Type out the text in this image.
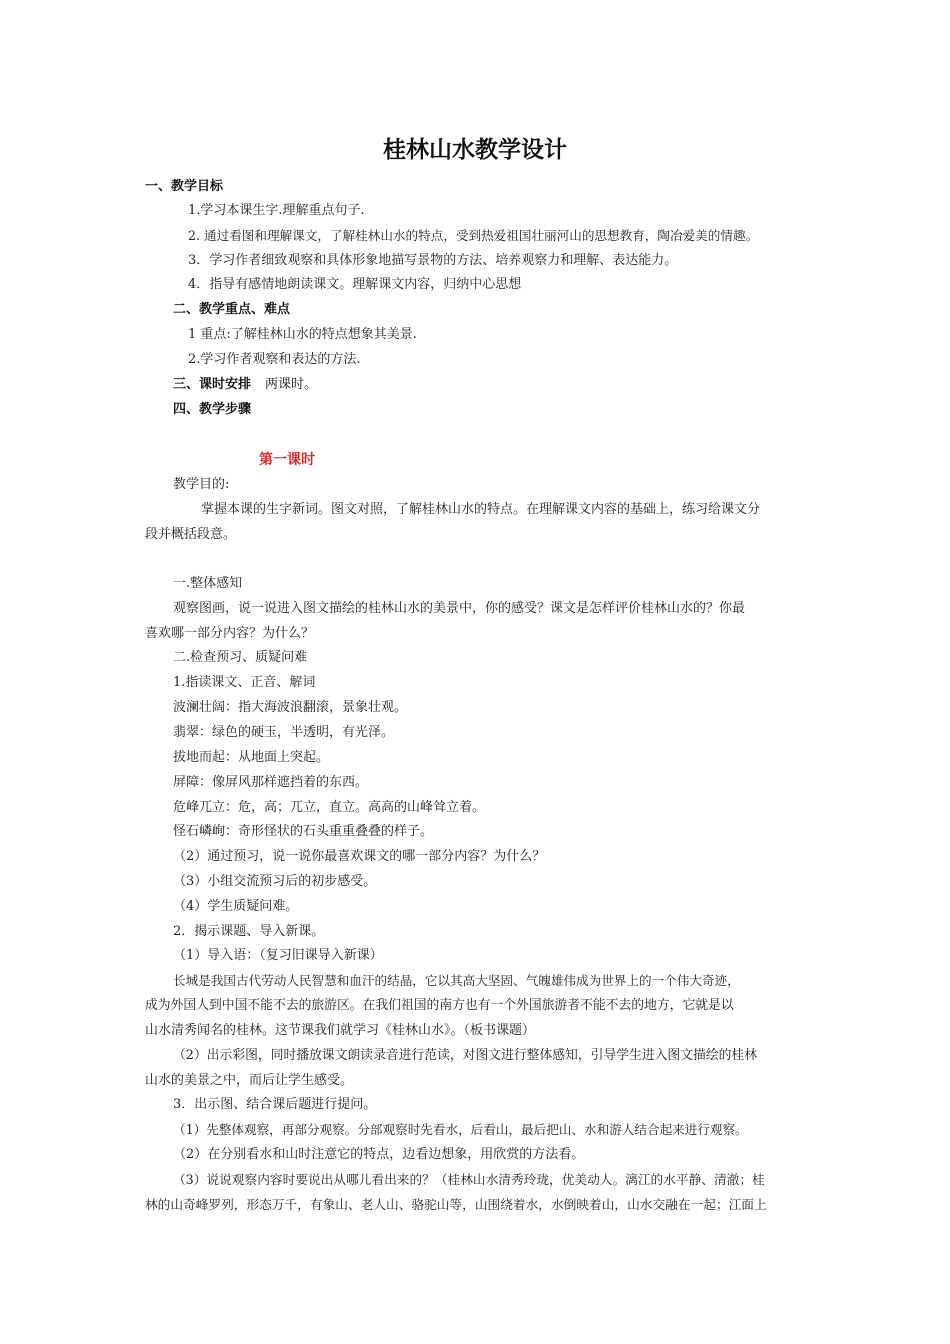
桂林山水教学设计
一、教学目标
1.学习本课生字.理解重点句子.
2. 通过看图和理解课文，了解桂林山水的特点，受到热爱祖国壮丽河山的思想教育，陶冶爱美的情趣。
3．学习作者细致观察和具体形象地描写景物的方法、培养观察力和理解、表达能力。
4．指导有感情地朗读课文。理解课文内容，归纳中心思想
二、教学重点、难点
1 重点:了解桂林山水的特点想象其美景.
2.学习作者观察和表达的方法.
三、课时安排 两课时。
四、教学步骤
第一课时
教学目的:
掌握本课的生字新词。图文对照，了解桂林山水的特点。在理解课文内容的基础上，练习给课文分
段并概括段意。
一.整体感知
观察图画，说一说进入图文描绘的桂林山水的美景中，你的感受？课文是怎样评价桂林山水的？你最
喜欢哪一部分内容？为什么？
二.检查预习、质疑问难
1.指读课文、正音、解词
波澜壮阔：指大海波浪翻滚，景象壮观。
翡翠：绿色的硬玉，半透明，有光泽。
拔地而起：从地面上突起。
屏障：像屏风那样遮挡着的东西。
危峰兀立：危，高；兀立，直立。高高的山峰耸立着。
怪石嶙峋：奇形怪状的石头重重叠叠的样子。
（2）通过预习，说一说你最喜欢课文的哪一部分内容？为什么？
（3）小组交流预习后的初步感受。
（4）学生质疑问难。
2．揭示课题、导入新课。
（1）导入语：（复习旧课导入新课）
长城是我国古代劳动人民智慧和血汗的结晶，它以其高大坚固、气魄雄伟成为世界上的一个伟大奇迹，
成为外国人到中国不能不去的旅游区。在我们祖国的南方也有一个外国旅游者不能不去的地方，它就是以
山水清秀闻名的桂林。这节课我们就学习《桂林山水》。（板书课题）
（2）出示彩图，同时播放课文朗读录音进行范读，对图文进行整体感知，引导学生进入图文描绘的桂林
山水的美景之中，而后让学生感受。
3．出示图、结合课后题进行提问。
（1）先整体观察，再部分观察。分部观察时先看水，后看山，最后把山、水和游人结合起来进行观察。
（2）在分别看水和山时注意它的特点，边看边想象，用欣赏的方法看。
（3）说说观察内容时要说出从哪儿看出来的？（桂林山水清秀玲珑，优美动人。漓江的水平静、清澈；桂
林的山奇峰罗列，形态万千，有象山、老人山、骆驼山等，山围绕着水，水倒映着山，山水交融在一起；江面上
